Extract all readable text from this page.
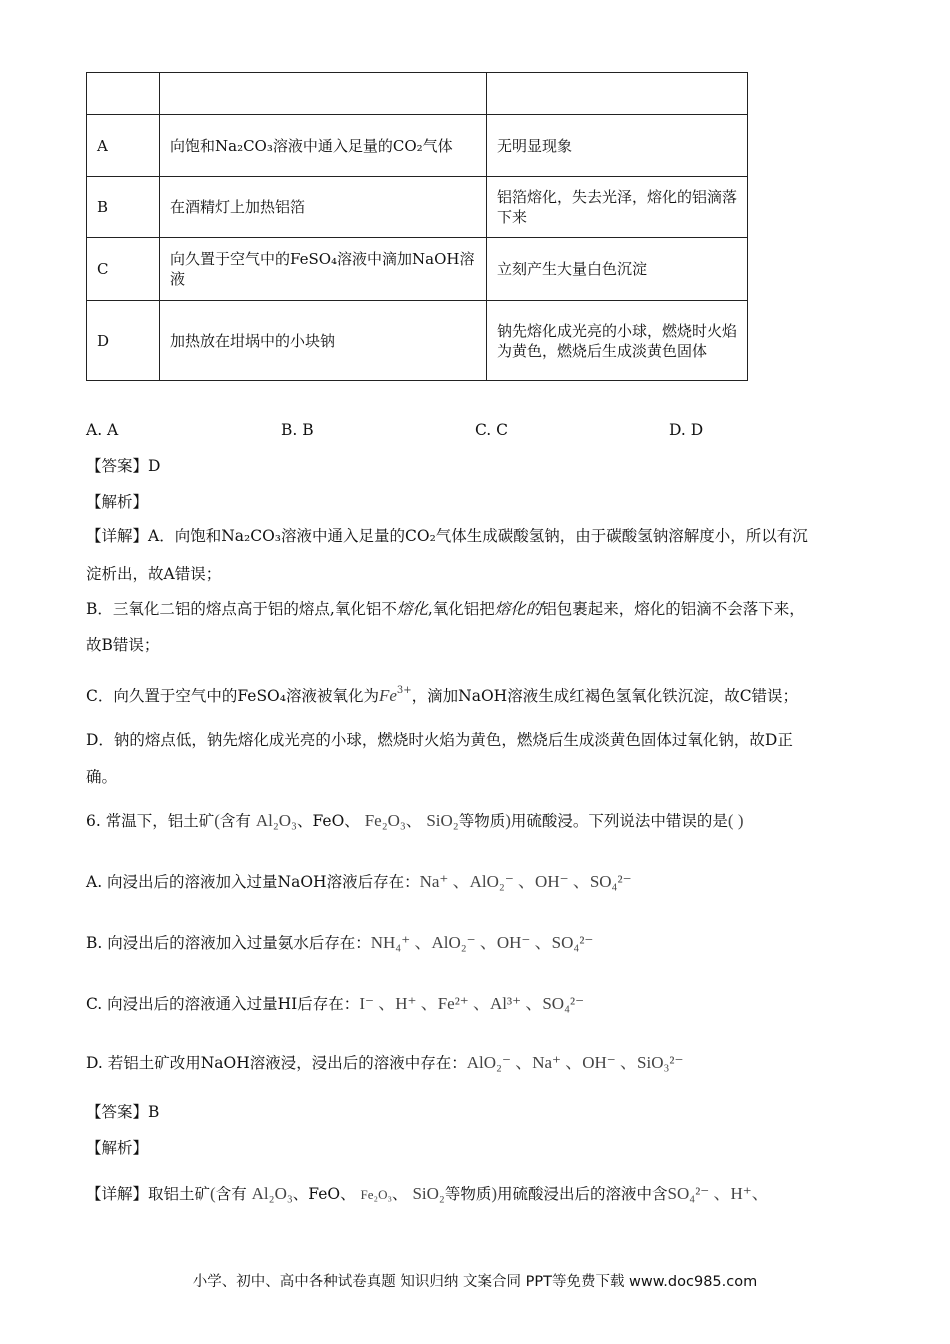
A	向饱和Na₂CO₃溶液中通入足量的CO₂气体	无明显现象
B	在酒精灯上加热铝箔	铝箔熔化，失去光泽，熔化的铝滴落下来
C	向久置于空气中的FeSO₄溶液中滴加NaOH溶液	立刻产生大量白色沉淀
D	加热放在坩埚中的小块钠	钠先熔化成光亮的小球，燃烧时火焰为黄色，燃烧后生成淡黄色固体
A. A	B. B	C. C	D. D
【答案】D
【解析】
【详解】A．向饱和Na₂CO₃溶液中通入足量的CO₂气体生成碳酸氢钠，由于碳酸氢钠溶解度小，所以有沉
淀析出，故A错误；
B．三氧化二铝的熔点高于铝的熔点,氧化铝不熔化,氧化铝把熔化的铝包裹起来，熔化的铝滴不会落下来，
故B错误；
C．向久置于空气中的FeSO₄溶液被氧化为$Fe^{3+}$，滴加NaOH溶液生成红褐色氢氧化铁沉淀，故C错误；
D．钠的熔点低，钠先熔化成光亮的小球，燃烧时火焰为黄色，燃烧后生成淡黄色固体过氧化钠，故D正
确。
6. 常温下，铝土矿(含有 Al₂O₃、FeO、 Fe₂O₃、 SiO₂等物质)用硫酸浸。下列说法中错误的是( )
A. 向浸出后的溶液加入过量NaOH溶液后存在：Na⁺ 、AlO₂⁻ 、OH⁻ 、SO₄²⁻
B. 向浸出后的溶液加入过量氨水后存在：NH₄⁺ 、AlO₂⁻ 、OH⁻ 、SO₄²⁻
C. 向浸出后的溶液通入过量HI后存在：I⁻ 、H⁺ 、Fe²⁺ 、Al³⁺ 、SO₄²⁻
D. 若铝土矿改用NaOH溶液浸，浸出后的溶液中存在：AlO₂⁻ 、Na⁺ 、OH⁻ 、SiO₃²⁻
【答案】B
【解析】
【详解】取铝土矿(含有 Al₂O₃、FeO、 Fe₂O₃、 SiO₂等物质)用硫酸浸出后的溶液中含SO₄²⁻ 、H⁺、
小学、初中、高中各种试卷真题 知识归纳 文案合同 PPT等免费下载 www.doc985.com
